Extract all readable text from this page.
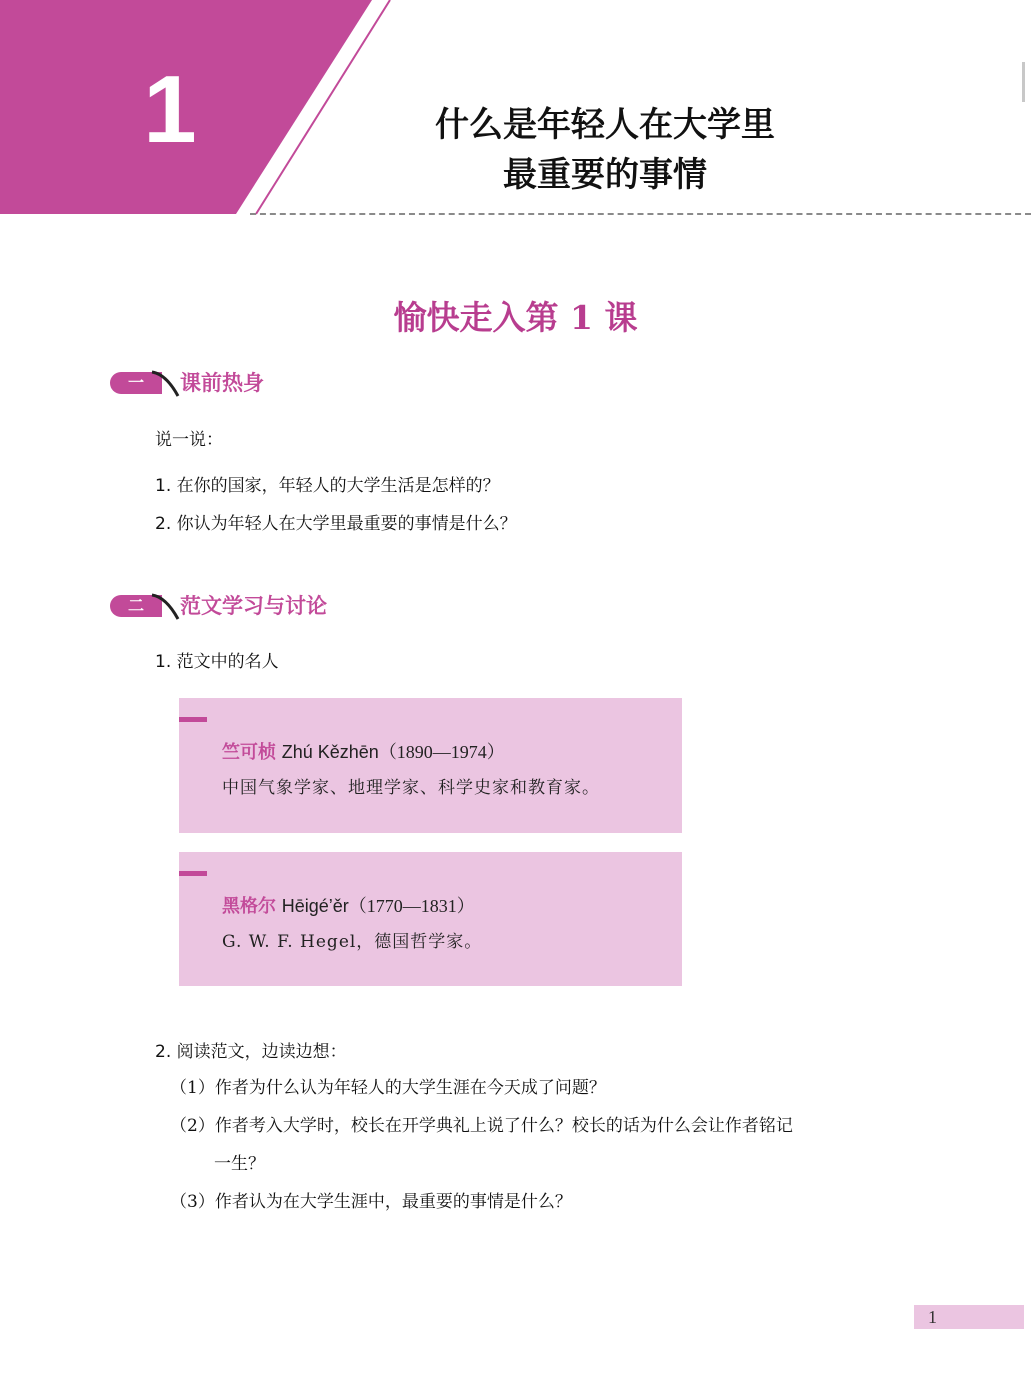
1	什么是年轻人在大学里
最重要的事情
愉快走入第 1 课
一	课前热身
说一说：
1. 在你的国家，年轻人的大学生活是怎样的？
2. 你认为年轻人在大学里最重要的事情是什么？
二	范文学习与讨论
1. 范文中的名人
竺可桢 Zhú Kězhēn（1890—1974）
中国气象学家、地理学家、科学史家和教育家。
黑格尔 Hēigé’ěr（1770—1831）
G. W. F. Hegel，德国哲学家。
2. 阅读范文，边读边想：
（1）作者为什么认为年轻人的大学生涯在今天成了问题？
（2）作者考入大学时，校长在开学典礼上说了什么？校长的话为什么会让作者铭记
一生？
（3）作者认为在大学生涯中，最重要的事情是什么？
1
